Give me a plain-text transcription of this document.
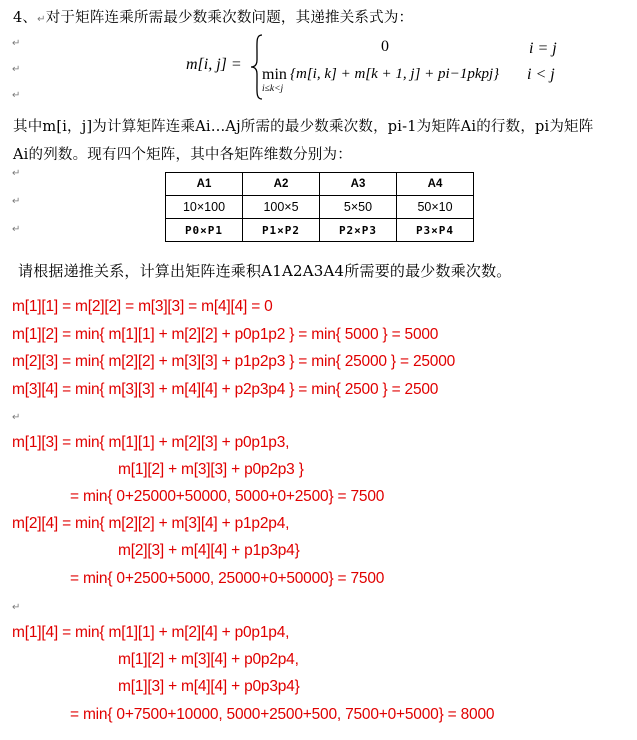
4、↵对于矩阵连乘所需最少数乘次数问题，其递推关系式为：
↵
↵
↵
m[i, j] =
0	i = j
min
i≤k<j
{m[i, k] + m[k + 1, j] + pi−1pkpj} i < j
其中m[i，j]为计算矩阵连乘Ai…Aj所需的最少数乘次数，pi-1为矩阵Ai的行数，pi为矩阵
Ai的列数。现有四个矩阵，其中各矩阵维数分别为：
↵
↵
↵
A1	A2	A3	A4
10×100	100×5	5×50	50×10
P0×P1	P1×P2	P2×P3	P3×P4
请根据递推关系，计算出矩阵连乘积A1A2A3A4所需要的最少数乘次数。
m[1][1] = m[2][2] = m[3][3] = m[4][4] = 0
m[1][2] = min{ m[1][1] + m[2][2] + p0p1p2 } = min{ 5000 } = 5000
m[2][3] = min{ m[2][2] + m[3][3] + p1p2p3 } = min{ 25000 } = 25000
m[3][4] = min{ m[3][3] + m[4][4] + p2p3p4 } = min{ 2500 } = 2500
↵
m[1][3] = min{ m[1][1] + m[2][3] + p0p1p3,
m[1][2] + m[3][3] + p0p2p3 }
= min{ 0+25000+50000, 5000+0+2500} = 7500
m[2][4] = min{ m[2][2] + m[3][4] + p1p2p4,
m[2][3] + m[4][4] + p1p3p4}
= min{ 0+2500+5000, 25000+0+50000} = 7500
↵
m[1][4] = min{ m[1][1] + m[2][4] + p0p1p4,
m[1][2] + m[3][4] + p0p2p4,
m[1][3] + m[4][4] + p0p3p4}
= min{ 0+7500+10000, 5000+2500+500, 7500+0+5000} = 8000
